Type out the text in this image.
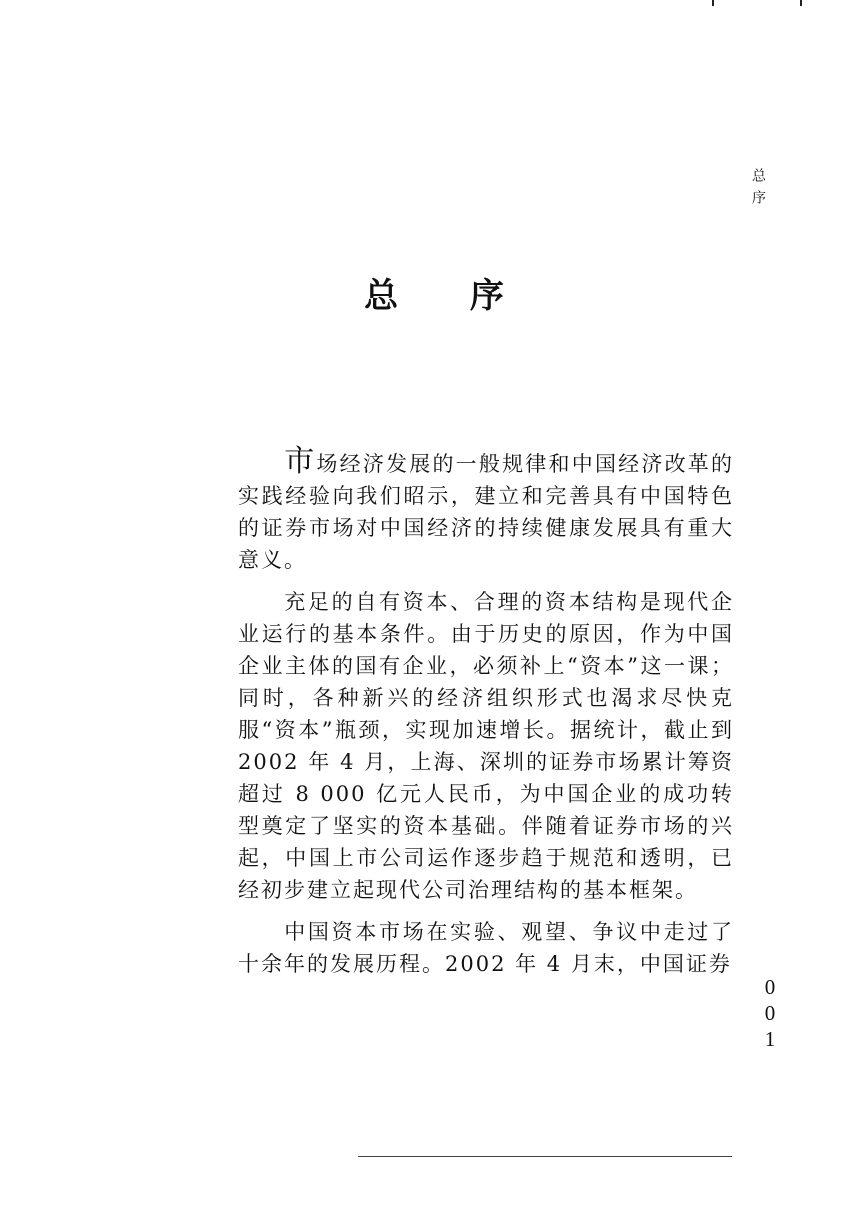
总序
总 序

市场经济发展的一般规律和中国经济改革的实践经验向我们昭示，建立和完善具有中国特色的证券市场对中国经济的持续健康发展具有重大意义。

充足的自有资本、合理的资本结构是现代企业运行的基本条件。由于历史的原因，作为中国企业主体的国有企业，必须补上“资本”这一课；同时，各种新兴的经济组织形式也渴求尽快克服“资本”瓶颈，实现加速增长。据统计，截止到 2002 年 4 月，上海、深圳的证券市场累计筹资超过 8 000 亿元人民币，为中国企业的成功转型奠定了坚实的资本基础。伴随着证券市场的兴起，中国上市公司运作逐步趋于规范和透明，已经初步建立起现代公司治理结构的基本框架。

中国资本市场在实验、观望、争议中走过了十余年的发展历程。2002 年 4 月末，中国证券

0
0
1
